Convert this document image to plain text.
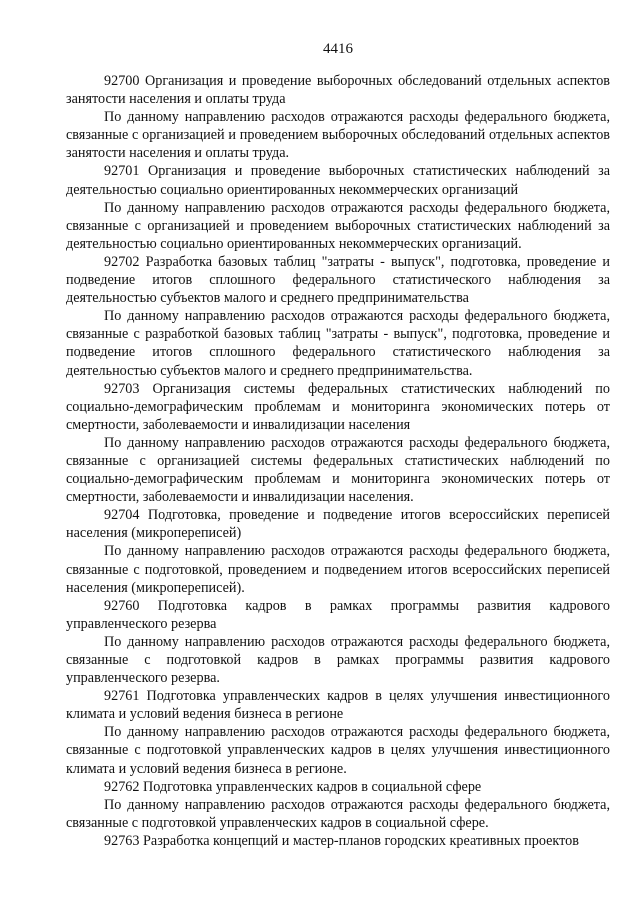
4416

92700 Организация и проведение выборочных обследований отдельных аспектов занятости населения и оплаты труда

По данному направлению расходов отражаются расходы федерального бюджета, связанные с организацией и проведением выборочных обследований отдельных аспектов занятости населения и оплаты труда.

92701 Организация и проведение выборочных статистических наблюдений за деятельностью социально ориентированных некоммерческих организаций

По данному направлению расходов отражаются расходы федерального бюджета, связанные с организацией и проведением выборочных статистических наблюдений за деятельностью социально ориентированных некоммерческих организаций.

92702 Разработка базовых таблиц "затраты - выпуск", подготовка, проведение и подведение итогов сплошного федерального статистического наблюдения за деятельностью субъектов малого и среднего предпринимательства

По данному направлению расходов отражаются расходы федерального бюджета, связанные с разработкой базовых таблиц "затраты - выпуск", подготовка, проведение и подведение итогов сплошного федерального статистического наблюдения за деятельностью субъектов малого и среднего предпринимательства.

92703 Организация системы федеральных статистических наблюдений по социально-демографическим проблемам и мониторинга экономических потерь от смертности, заболеваемости и инвалидизации населения

По данному направлению расходов отражаются расходы федерального бюджета, связанные с организацией системы федеральных статистических наблюдений по социально-демографическим проблемам и мониторинга экономических потерь от смертности, заболеваемости и инвалидизации населения.

92704 Подготовка, проведение и подведение итогов всероссийских переписей населения (микропереписей)

По данному направлению расходов отражаются расходы федерального бюджета, связанные с подготовкой, проведением и подведением итогов всероссийских переписей населения (микропереписей).

92760 Подготовка кадров в рамках программы развития кадрового управленческого резерва

По данному направлению расходов отражаются расходы федерального бюджета, связанные с подготовкой кадров в рамках программы развития кадрового управленческого резерва.

92761 Подготовка управленческих кадров в целях улучшения инвестиционного климата и условий ведения бизнеса в регионе

По данному направлению расходов отражаются расходы федерального бюджета, связанные с подготовкой управленческих кадров в целях улучшения инвестиционного климата и условий ведения бизнеса в регионе.

92762 Подготовка управленческих кадров в социальной сфере

По данному направлению расходов отражаются расходы федерального бюджета, связанные с подготовкой управленческих кадров в социальной сфере.

92763 Разработка концепций и мастер-планов городских креативных проектов
